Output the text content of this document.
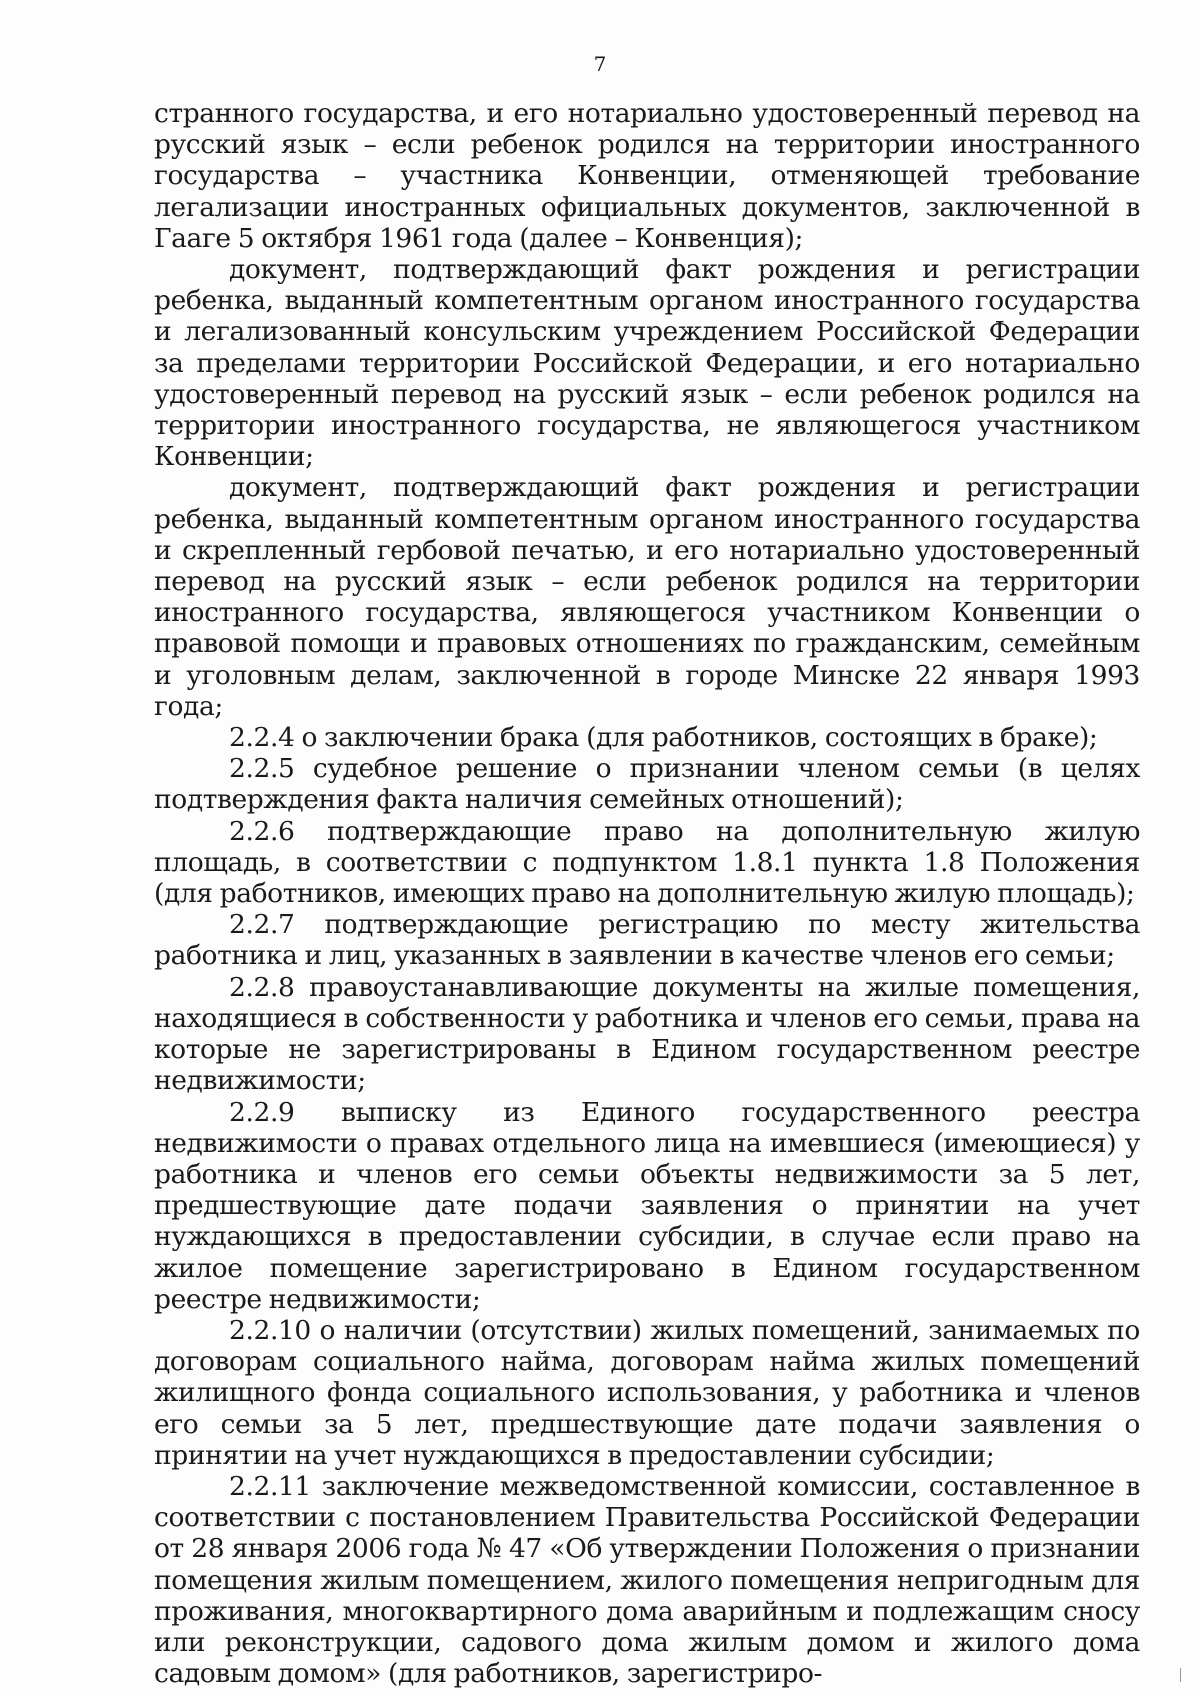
7

странного государства, и его нотариально удостоверенный перевод на русский язык – если ребенок родился на территории иностранного государства – участника Конвенции, отменяющей требование легализации иностранных официальных документов, заключенной в Гааге 5 октября 1961 года (далее – Конвенция);

документ, подтверждающий факт рождения и регистрации ребенка, выданный компетентным органом иностранного государства и легализованный консульским учреждением Российской Федерации за пределами территории Российской Федерации, и его нотариально удостоверенный перевод на русский язык – если ребенок родился на территории иностранного государства, не являющегося участником Конвенции;

документ, подтверждающий факт рождения и регистрации ребенка, выданный компетентным органом иностранного государства и скрепленный гербовой печатью, и его нотариально удостоверенный перевод на русский язык – если ребенок родился на территории иностранного государства, являющегося участником Конвенции о правовой помощи и правовых отношениях по гражданским, семейным и уголовным делам, заключенной в городе Минске 22 января 1993 года;

2.2.4 о заключении брака (для работников, состоящих в браке);

2.2.5 судебное решение о признании членом семьи (в целях подтверждения факта наличия семейных отношений);

2.2.6 подтверждающие право на дополнительную жилую площадь, в соответствии с подпунктом 1.8.1 пункта 1.8 Положения (для работников, имеющих право на дополнительную жилую площадь);

2.2.7 подтверждающие регистрацию по месту жительства работника и лиц, указанных в заявлении в качестве членов его семьи;

2.2.8 правоустанавливающие документы на жилые помещения, находящиеся в собственности у работника и членов его семьи, права на которые не зарегистрированы в Едином государственном реестре недвижимости;

2.2.9 выписку из Единого государственного реестра недвижимости о правах отдельного лица на имевшиеся (имеющиеся) у работника и членов его семьи объекты недвижимости за 5 лет, предшествующие дате подачи заявления о принятии на учет нуждающихся в предоставлении субсидии, в случае если право на жилое помещение зарегистрировано в Едином государственном реестре недвижимости;

2.2.10 о наличии (отсутствии) жилых помещений, занимаемых по договорам социального найма, договорам найма жилых помещений жилищного фонда социального использования, у работника и членов его семьи за 5 лет, предшествующие дате подачи заявления о принятии на учет нуждающихся в предоставлении субсидии;

2.2.11 заключение межведомственной комиссии, составленное в соответствии с постановлением Правительства Российской Федерации от 28 января 2006 года № 47 «Об утверждении Положения о признании помещения жилым помещением, жилого помещения непригодным для проживания, многоквартирного дома аварийным и подлежащим сносу или реконструкции, садового дома жилым домом и жилого дома садовым домом» (для работников, зарегистриро-
